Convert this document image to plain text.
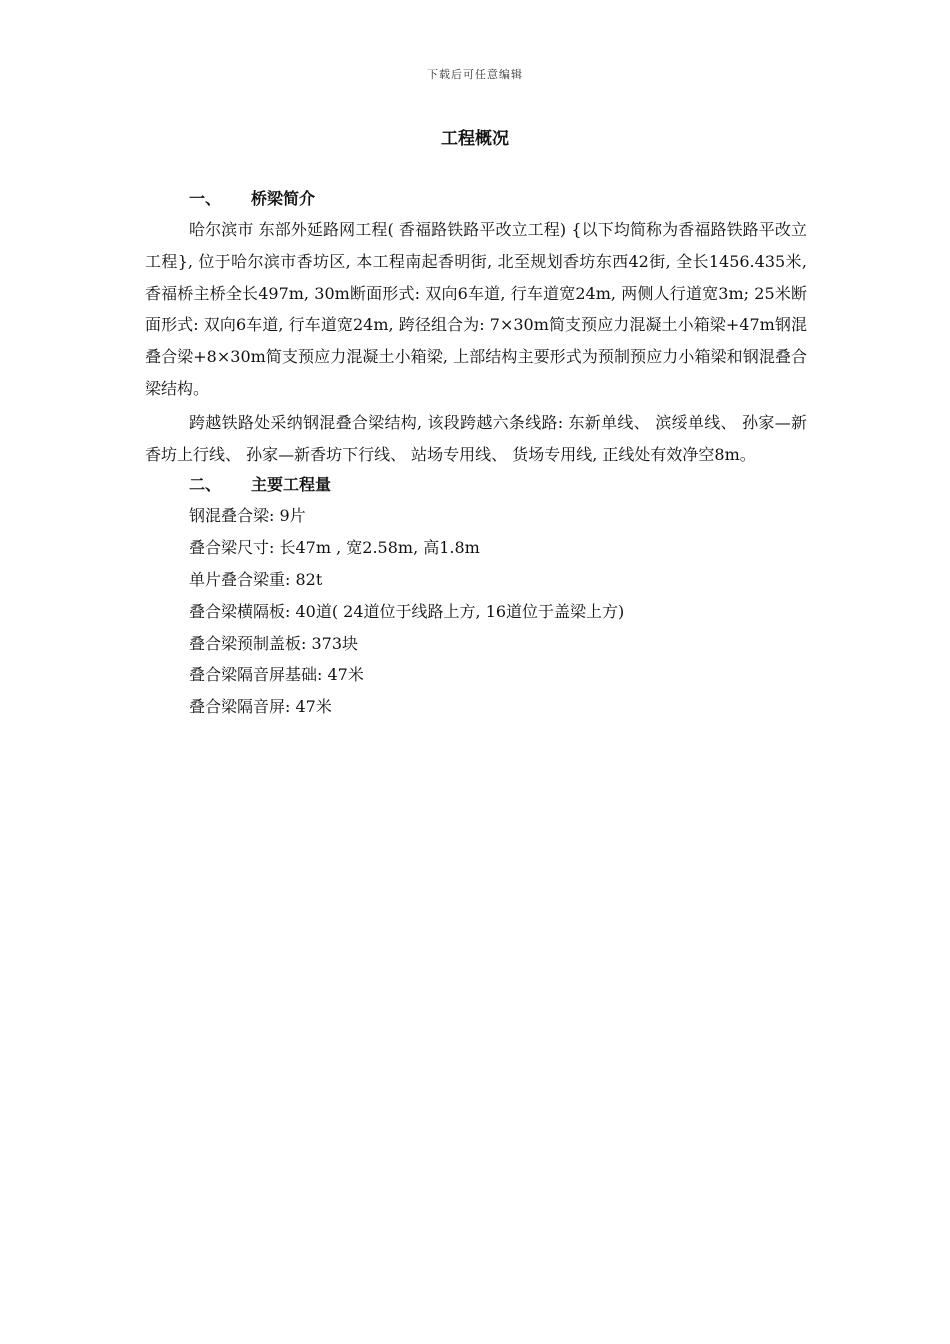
下载后可任意编辑
工程概况
一、 桥梁简介

哈尔滨市 东部外延路网工程( 香福路铁路平改立工程) {以下均简称为香福路铁路平改立工程}, 位于哈尔滨市香坊区, 本工程南起香明街, 北至规划香坊东西42街, 全长1456.435米, 香福桥主桥全长497m, 30m断面形式: 双向6车道, 行车道宽24m, 两侧人行道宽3m; 25米断面形式: 双向6车道, 行车道宽24m, 跨径组合为: 7×30m简支预应力混凝土小箱梁+47m钢混叠合梁+8×30m简支预应力混凝土小箱梁, 上部结构主要形式为预制预应力小箱梁和钢混叠合梁结构。

跨越铁路处采纳钢混叠合梁结构, 该段跨越六条线路: 东新单线、 滨绥单线、 孙家—新香坊上行线、 孙家—新香坊下行线、 站场专用线、 货场专用线, 正线处有效净空8m。

二、 主要工程量
钢混叠合梁: 9片
叠合梁尺寸: 长47m , 宽2.58m, 高1.8m
单片叠合梁重: 82t
叠合梁横隔板: 40道( 24道位于线路上方, 16道位于盖梁上方)
叠合梁预制盖板: 373块
叠合梁隔音屏基础: 47米
叠合梁隔音屏: 47米
